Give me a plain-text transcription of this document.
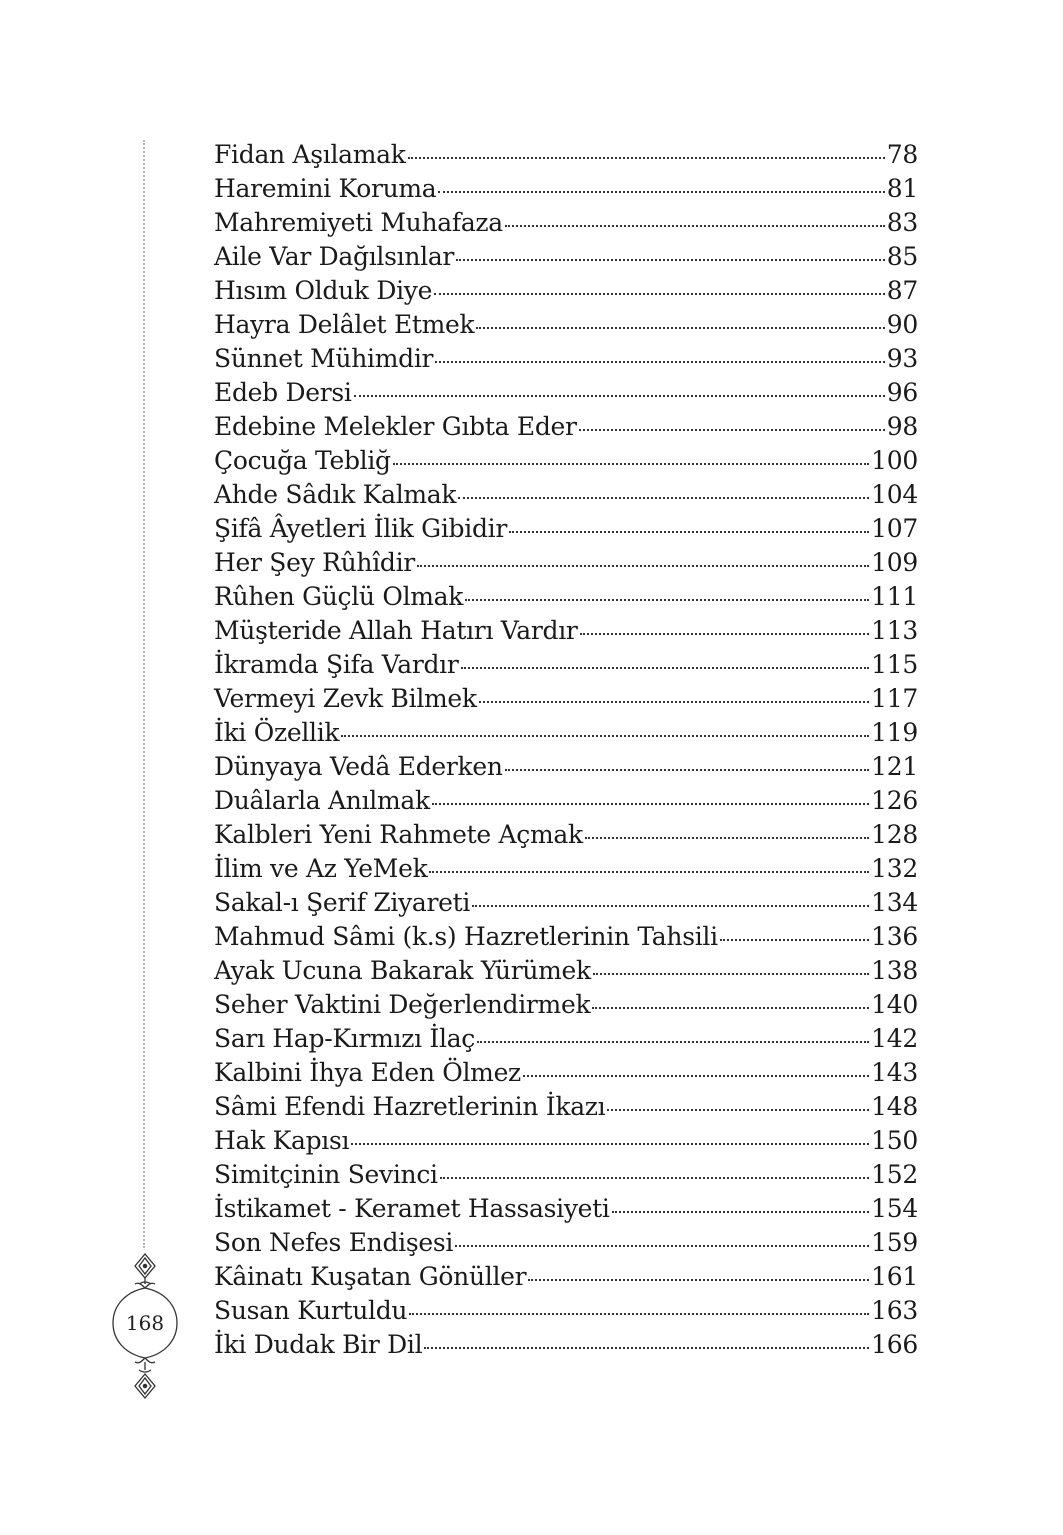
168
Fidan Aşılamak	78
Haremini Koruma	81
Mahremiyeti Muhafaza	83
Aile Var Dağılsınlar	85
Hısım Olduk Diye	87
Hayra Delâlet Etmek	90
Sünnet Mühimdir	93
Edeb Dersi	96
Edebine Melekler Gıbta Eder	98
Çocuğa Tebliğ	100
Ahde Sâdık Kalmak	104
Şifâ Âyetleri İlik Gibidir	107
Her Şey Rûhîdir	109
Rûhen Güçlü Olmak	111
Müşteride Allah Hatırı Vardır	113
İkramda Şifa Vardır	115
Vermeyi Zevk Bilmek	117
İki Özellik	119
Dünyaya Vedâ Ederken	121
Duâlarla Anılmak	126
Kalbleri Yeni Rahmete Açmak	128
İlim ve Az YeMek	132
Sakal-ı Şerif Ziyareti	134
Mahmud Sâmi (k.s) Hazretlerinin Tahsili	136
Ayak Ucuna Bakarak Yürümek	138
Seher Vaktini Değerlendirmek	140
Sarı Hap-Kırmızı İlaç	142
Kalbini İhya Eden Ölmez	143
Sâmi Efendi Hazretlerinin İkazı	148
Hak Kapısı	150
Simitçinin Sevinci	152
İstikamet - Keramet Hassasiyeti	154
Son Nefes Endişesi	159
Kâinatı Kuşatan Gönüller	161
Susan Kurtuldu	163
İki Dudak Bir Dil	166
